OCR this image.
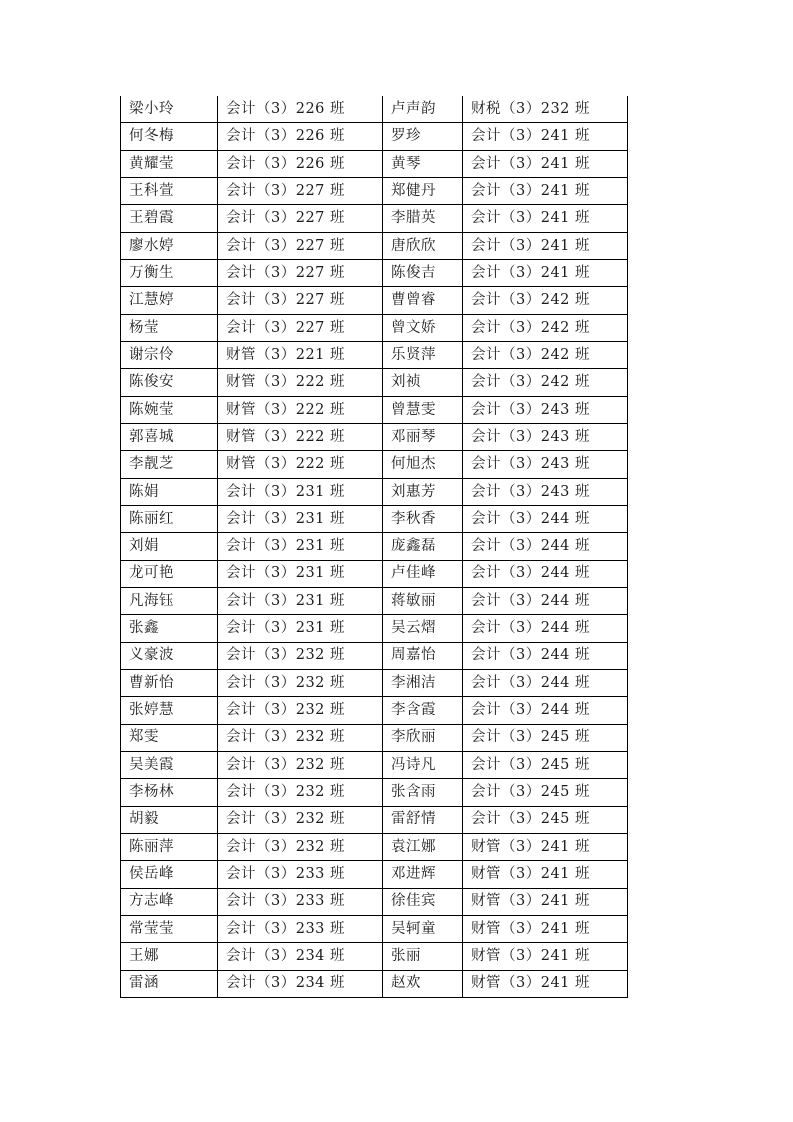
梁小玲	会计（3）226 班	卢声韵	财税（3）232 班
何冬梅	会计（3）226 班	罗珍	会计（3）241 班
黄耀莹	会计（3）226 班	黄琴	会计（3）241 班
王科萱	会计（3）227 班	郑健丹	会计（3）241 班
王碧霞	会计（3）227 班	李腊英	会计（3）241 班
廖水婷	会计（3）227 班	唐欣欣	会计（3）241 班
万衡生	会计（3）227 班	陈俊吉	会计（3）241 班
江慧婷	会计（3）227 班	曹曾睿	会计（3）242 班
杨莹	会计（3）227 班	曾文娇	会计（3）242 班
谢宗伶	财管（3）221 班	乐贤萍	会计（3）242 班
陈俊安	财管（3）222 班	刘祯	会计（3）242 班
陈婉莹	财管（3）222 班	曾慧雯	会计（3）243 班
郭喜城	财管（3）222 班	邓丽琴	会计（3）243 班
李靓芝	财管（3）222 班	何旭杰	会计（3）243 班
陈娟	会计（3）231 班	刘惠芳	会计（3）243 班
陈丽红	会计（3）231 班	李秋香	会计（3）244 班
刘娟	会计（3）231 班	庞鑫磊	会计（3）244 班
龙可艳	会计（3）231 班	卢佳峰	会计（3）244 班
凡海钰	会计（3）231 班	蒋敏丽	会计（3）244 班
张鑫	会计（3）231 班	吴云熠	会计（3）244 班
义豪波	会计（3）232 班	周嘉怡	会计（3）244 班
曹新怡	会计（3）232 班	李湘洁	会计（3）244 班
张婷慧	会计（3）232 班	李含霞	会计（3）244 班
郑雯	会计（3）232 班	李欣丽	会计（3）245 班
吴美霞	会计（3）232 班	冯诗凡	会计（3）245 班
李杨林	会计（3）232 班	张含雨	会计（3）245 班
胡毅	会计（3）232 班	雷舒情	会计（3）245 班
陈丽萍	会计（3）232 班	袁江娜	财管（3）241 班
侯岳峰	会计（3）233 班	邓进辉	财管（3）241 班
方志峰	会计（3）233 班	徐佳宾	财管（3）241 班
常莹莹	会计（3）233 班	吴轲童	财管（3）241 班
王娜	会计（3）234 班	张丽	财管（3）241 班
雷涵	会计（3）234 班	赵欢	财管（3）241 班
